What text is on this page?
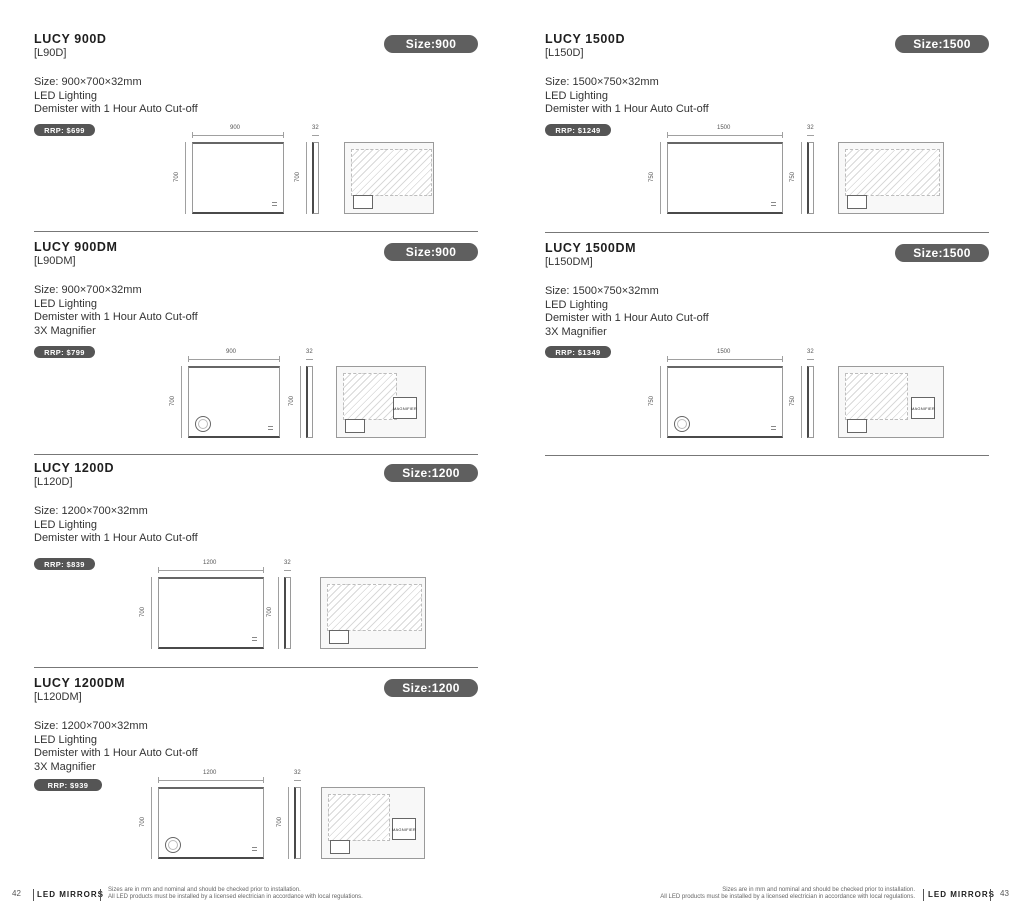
LUCY 900D
[L90D]
Size:900
Size: 900×700×32mm
LED Lighting
Demister with 1 Hour Auto Cut-off
RRP: $699	900
700
32
700
LUCY 900DM
[L90DM]
Size:900
Size: 900×700×32mm
LED Lighting
Demister with 1 Hour Auto Cut-off
3X Magnifier
RRP: $799	900
700
32
700
MAGNIFIER
LUCY 1200D
[L120D]
Size:1200
Size: 1200×700×32mm
LED Lighting
Demister with 1 Hour Auto Cut-off
RRP: $839	1200
700
32
700
LUCY 1200DM
[L120DM]
Size:1200
Size: 1200×700×32mm
LED Lighting
Demister with 1 Hour Auto Cut-off
3X Magnifier
RRP: $939
1200
700
32
700
MAGNIFIER
LUCY 1500D
[L150D]
Size:1500
Size: 1500×750×32mm
LED Lighting
Demister with 1 Hour Auto Cut-off
RRP: $1249	1500
750
32
750
LUCY 1500DM
[L150DM]
Size:1500
Size: 1500×750×32mm
LED Lighting
Demister with 1 Hour Auto Cut-off
3X Magnifier
RRP: $1349	1500
750
32
750
MAGNIFIER
42 LED MIRRORS Sizes are in mm and nominal and should be checked prior to installation.
All LED products must be installed by a licensed electrician in accordance with local regulations.
Sizes are in mm and nominal and should be checked prior to installation.
All LED products must be installed by a licensed electrician in accordance with local regulations. LED MIRRORS 43
